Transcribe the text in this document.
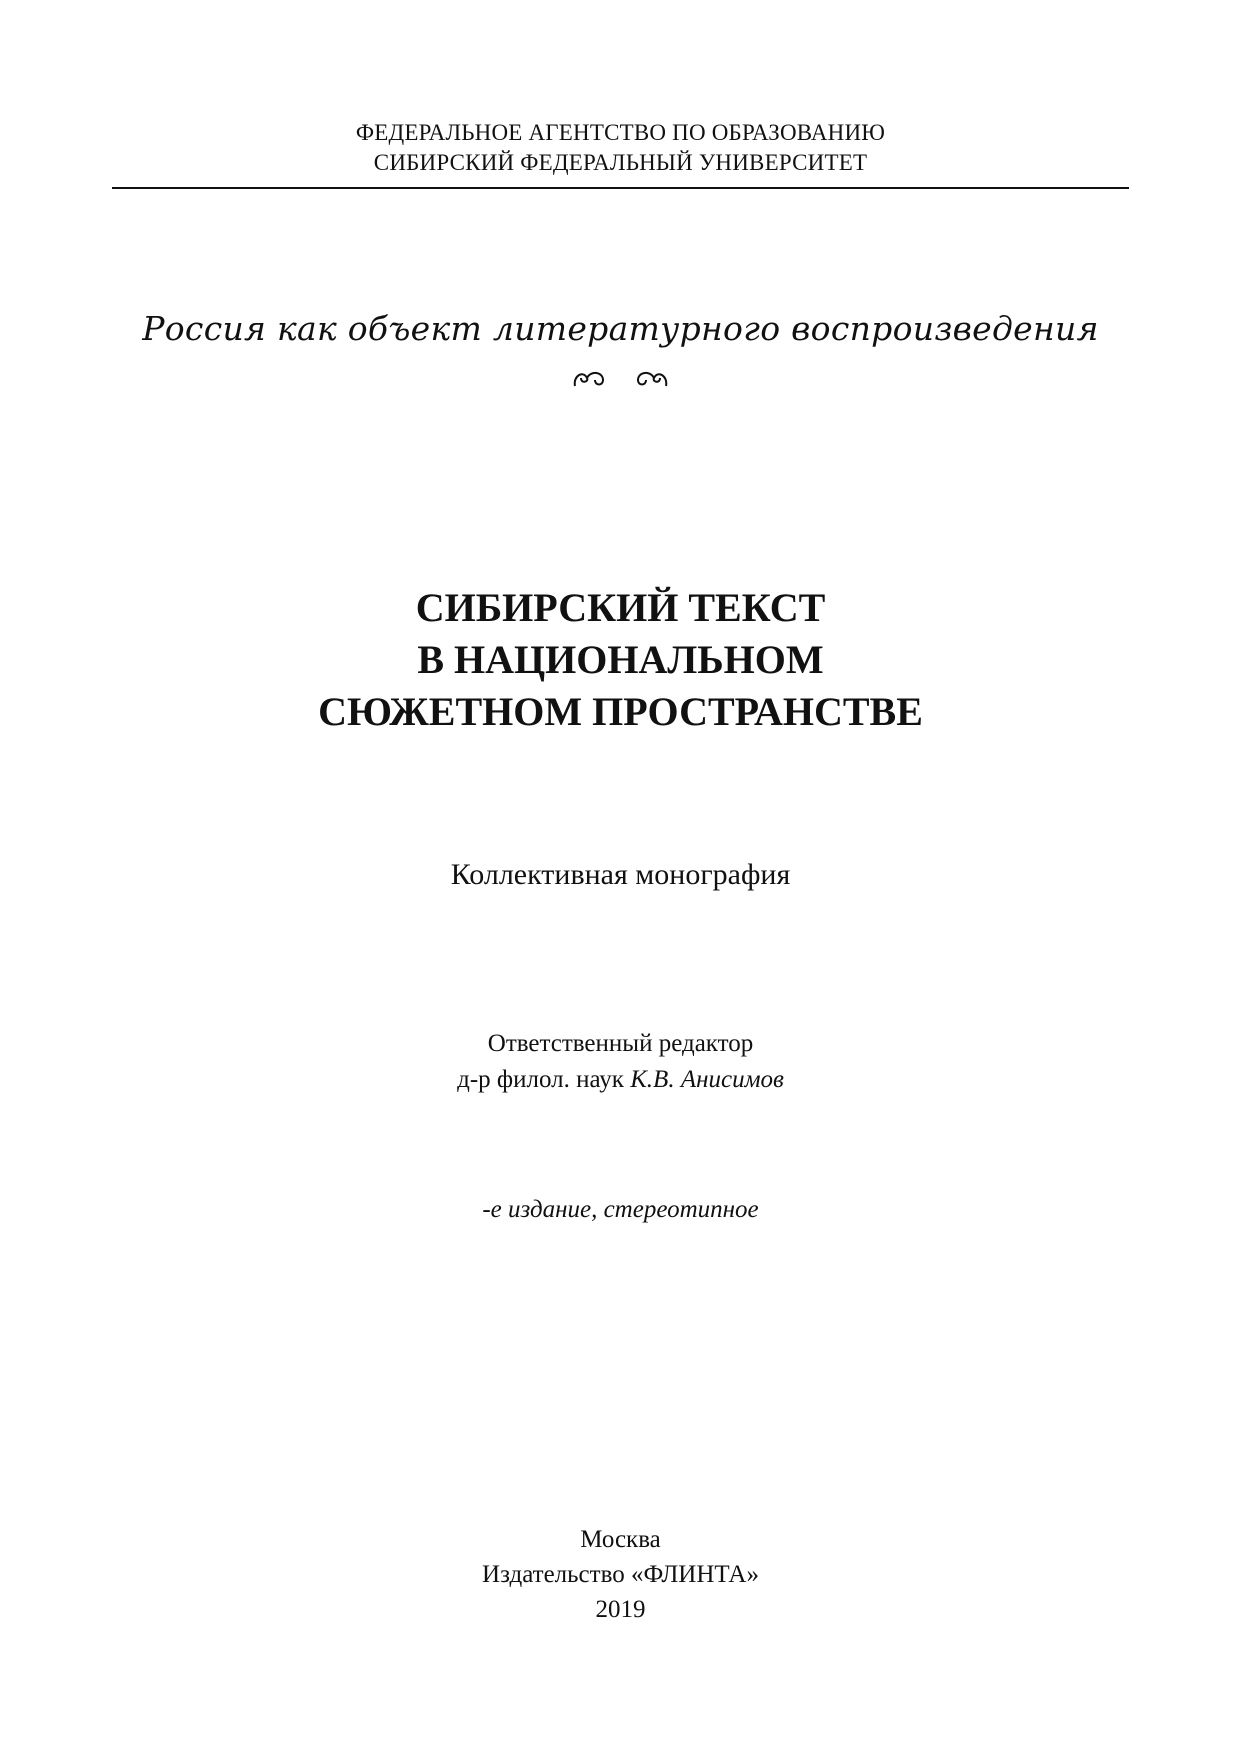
ФЕДЕРАЛЬНОЕ АГЕНТСТВО ПО ОБРАЗОВАНИЮ
СИБИРСКИЙ ФЕДЕРАЛЬНЫЙ УНИВЕРСИТЕТ
Россия как объект литературного воспроизведения

СИБИРСКИЙ ТЕКСТ
В НАЦИОНАЛЬНОМ
СЮЖЕТНОМ ПРОСТРАНСТВЕ
Коллективная монография
Ответственный редактор
д-р филол. наук К.В. Анисимов
-е издание, стереотипное
Москва
Издательство «ФЛИНТА»
2019
